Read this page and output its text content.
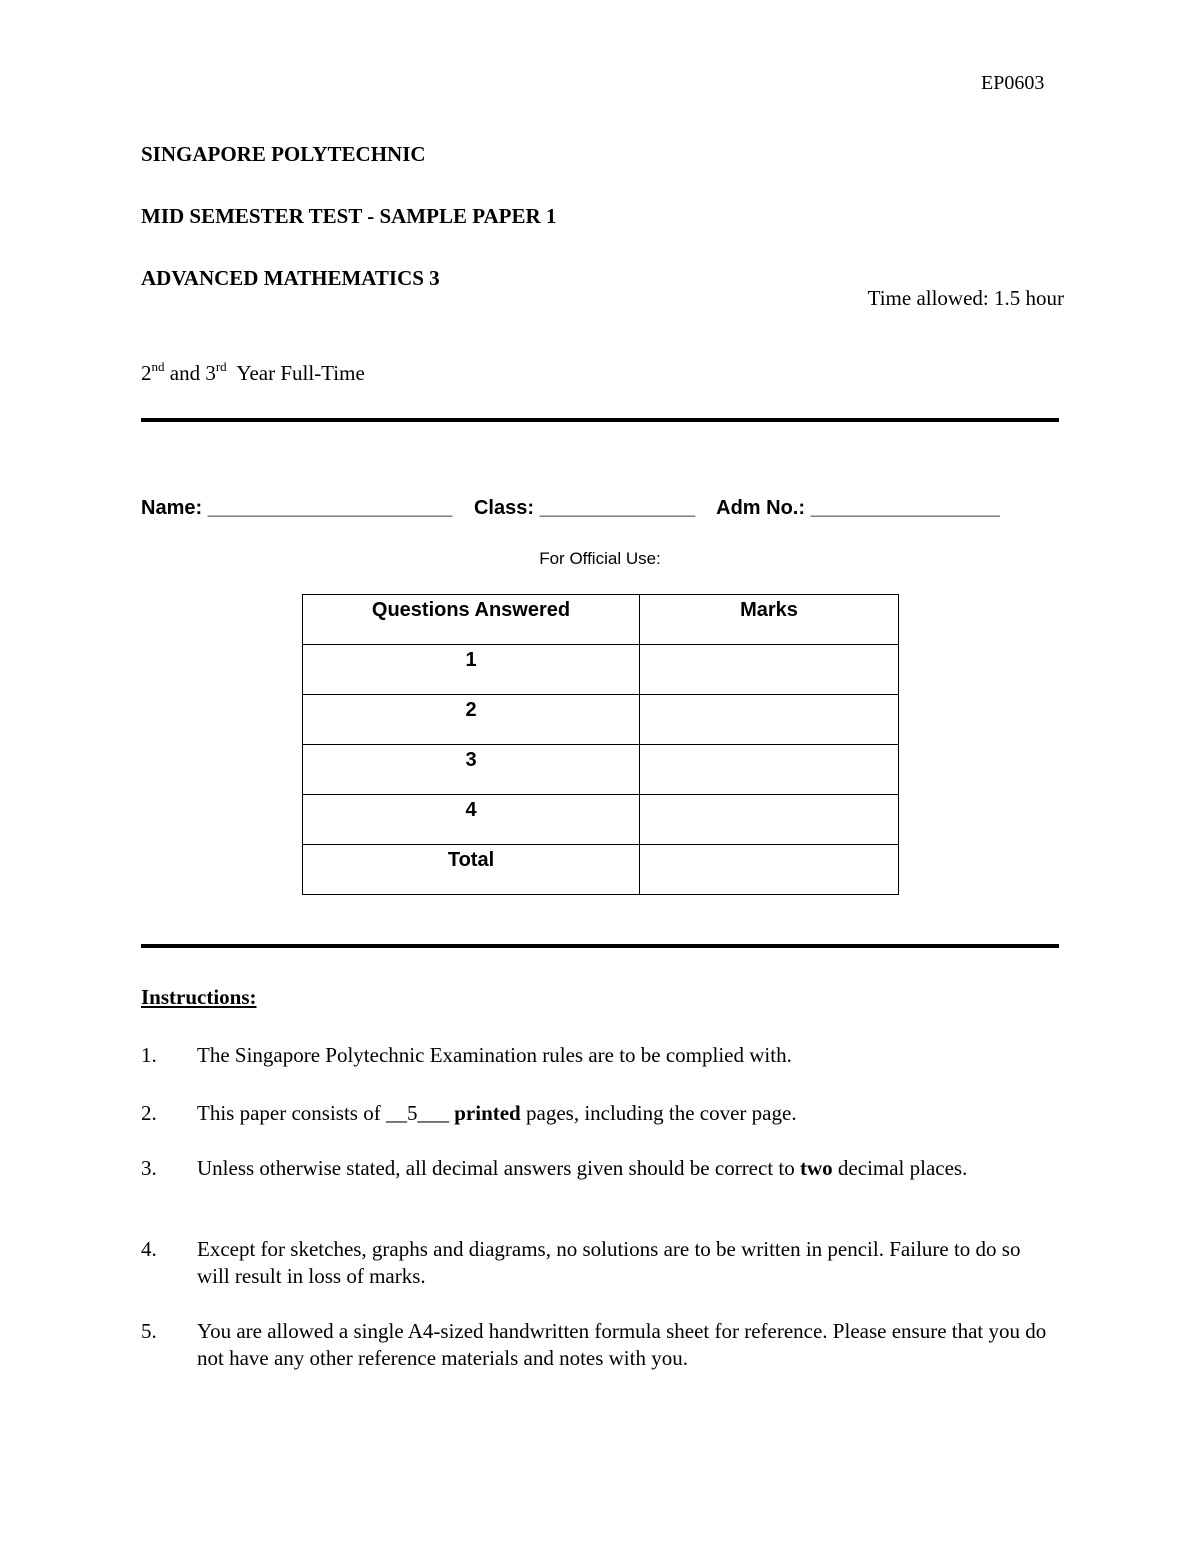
EP0603
SINGAPORE POLYTECHNIC
MID SEMESTER TEST - SAMPLE PAPER 1
ADVANCED MATHEMATICS 3
Time allowed: 1.5 hour
2nd and 3rd  Year Full-Time
Name: ______________________ Class: ______________ Adm No.: _________________
For Official Use:
Questions Answered	Marks
1	
2	
3	
4	
Total	
Instructions:
1.	The Singapore Polytechnic Examination rules are to be complied with.
2.	This paper consists of __5___ printed pages, including the cover page.
3.	Unless otherwise stated, all decimal answers given should be correct to two decimal places.
4.	Except for sketches, graphs and diagrams, no solutions are to be written in pencil. Failure to do so will result in loss of marks.
5.	You are allowed a single A4-sized handwritten formula sheet for reference. Please ensure that you do not have any other reference materials and notes with you.
